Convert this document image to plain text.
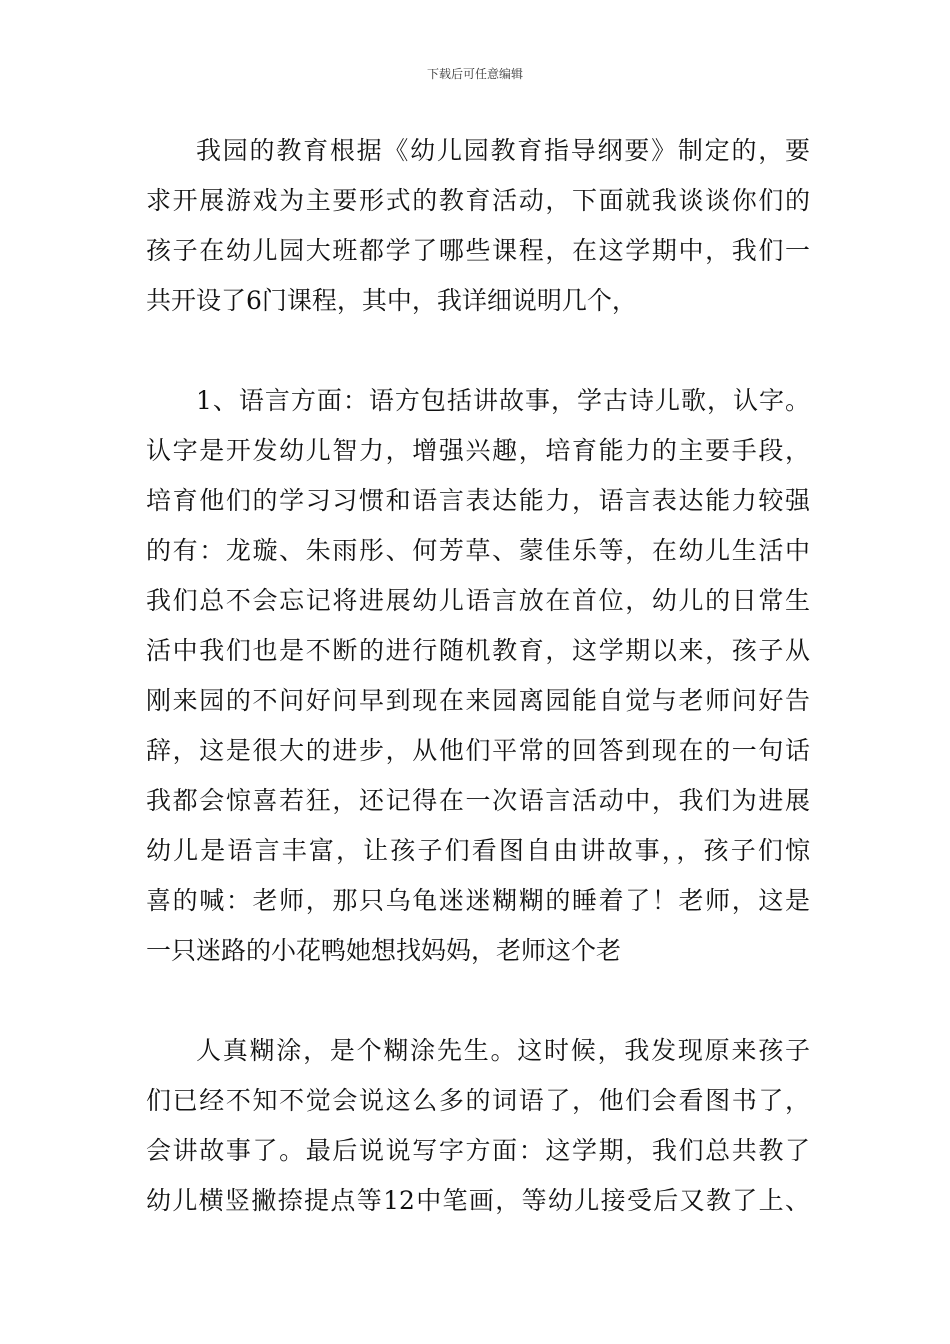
下载后可任意编辑
我园的教育根据《幼儿园教育指导纲要》制定的，要
求开展游戏为主要形式的教育活动，下面就我谈谈你们的
孩子在幼儿园大班都学了哪些课程，在这学期中，我们一
共开设了6门课程，其中，我详细说明几个，
1、语言方面：语方包括讲故事，学古诗儿歌，认字。
认字是开发幼儿智力，增强兴趣，培育能力的主要手段，
培育他们的学习习惯和语言表达能力，语言表达能力较强
的有：龙璇、朱雨彤、何芳草、蒙佳乐等，在幼儿生活中
我们总不会忘记将进展幼儿语言放在首位，幼儿的日常生
活中我们也是不断的进行随机教育，这学期以来，孩子从
刚来园的不问好问早到现在来园离园能自觉与老师问好告
辞，这是很大的进步，从他们平常的回答到现在的一句话
我都会惊喜若狂，还记得在一次语言活动中，我们为进展
幼儿是语言丰富，让孩子们看图自由讲故事，，孩子们惊
喜的喊：老师，那只乌龟迷迷糊糊的睡着了！老师，这是
一只迷路的小花鸭她想找妈妈，老师这个老
人真糊涂，是个糊涂先生。这时候，我发现原来孩子
们已经不知不觉会说这么多的词语了，他们会看图书了，
会讲故事了。最后说说写字方面：这学期，我们总共教了
幼儿横竖撇捺提点等12中笔画，等幼儿接受后又教了上、
